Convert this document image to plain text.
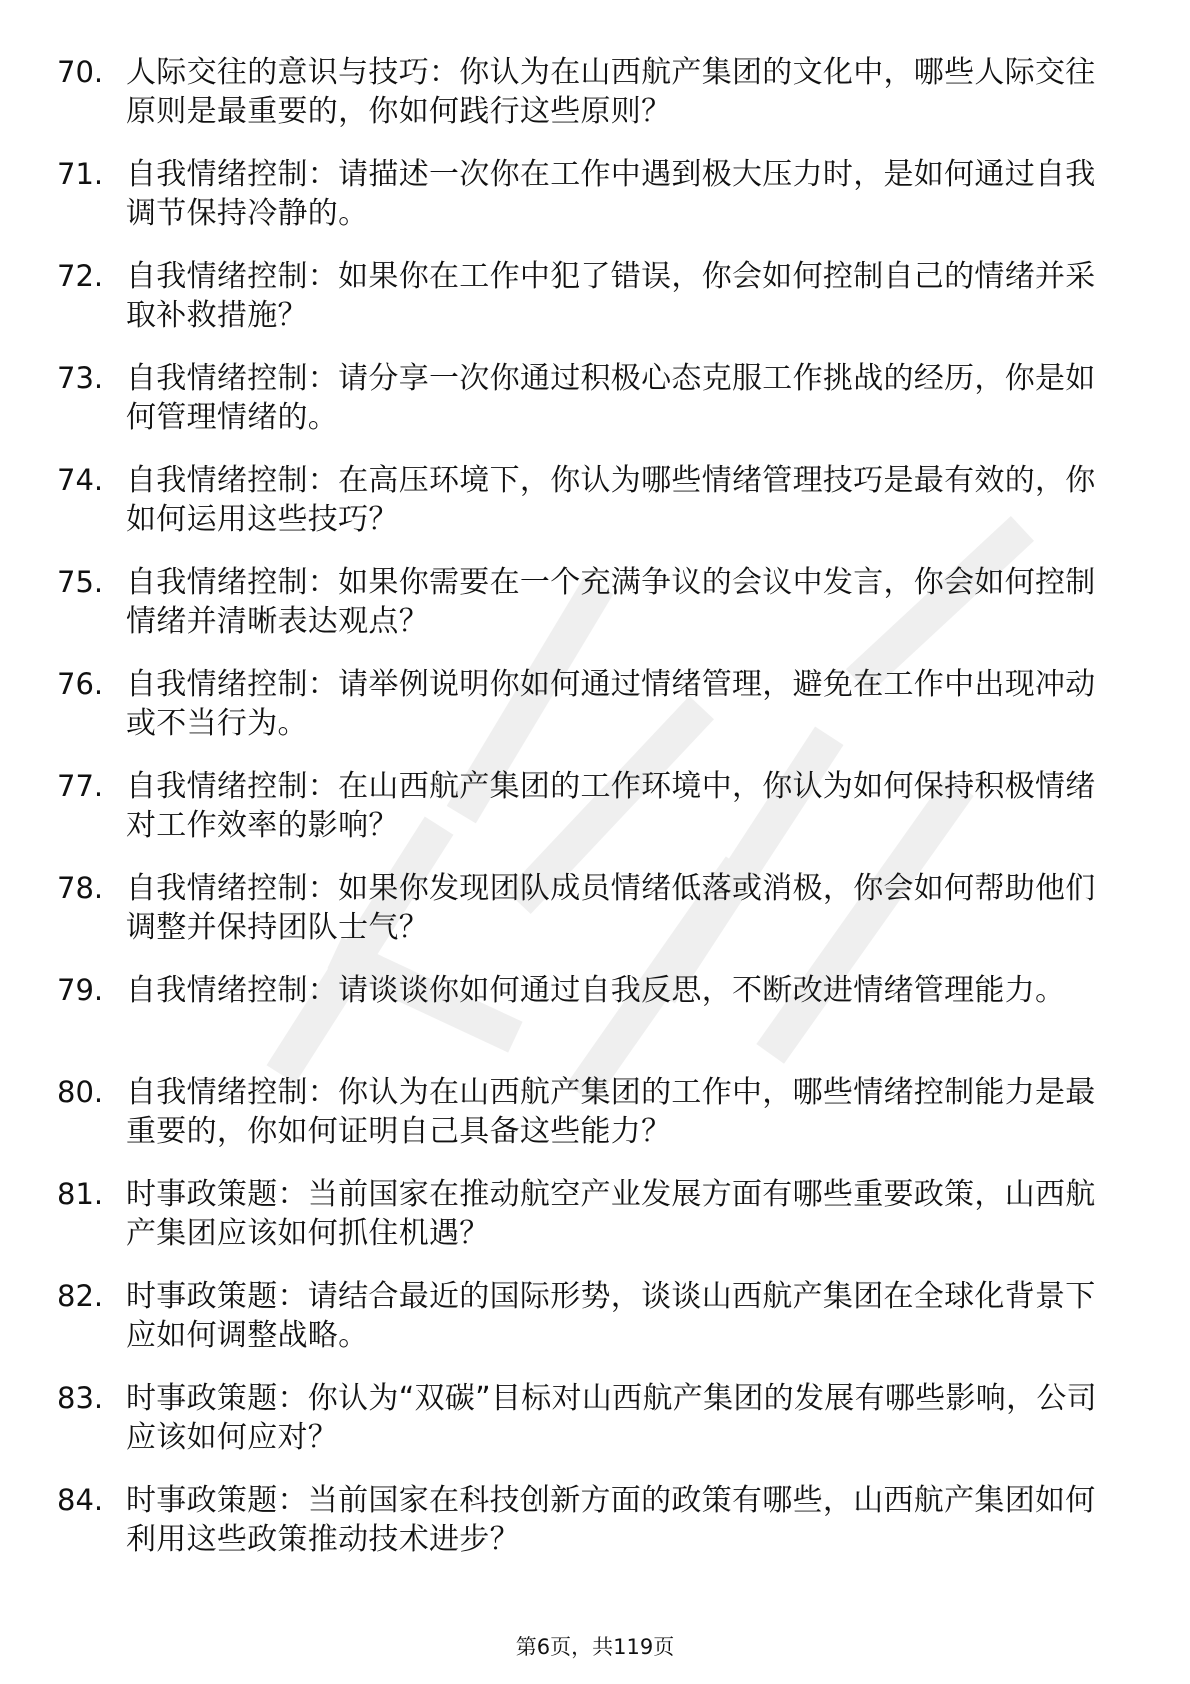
70. 人际交往的意识与技巧：你认为在山西航产集团的文化中，哪些人际交往原则是最重要的，你如何践行这些原则？
71. 自我情绪控制：请描述一次你在工作中遇到极大压力时，是如何通过自我调节保持冷静的。
72. 自我情绪控制：如果你在工作中犯了错误，你会如何控制自己的情绪并采取补救措施？
73. 自我情绪控制：请分享一次你通过积极心态克服工作挑战的经历，你是如何管理情绪的。
74. 自我情绪控制：在高压环境下，你认为哪些情绪管理技巧是最有效的，你如何运用这些技巧？
75. 自我情绪控制：如果你需要在一个充满争议的会议中发言，你会如何控制情绪并清晰表达观点？
76. 自我情绪控制：请举例说明你如何通过情绪管理，避免在工作中出现冲动或不当行为。
77. 自我情绪控制：在山西航产集团的工作环境中，你认为如何保持积极情绪对工作效率的影响？
78. 自我情绪控制：如果你发现团队成员情绪低落或消极，你会如何帮助他们调整并保持团队士气？
79. 自我情绪控制：请谈谈你如何通过自我反思，不断改进情绪管理能力。
80. 自我情绪控制：你认为在山西航产集团的工作中，哪些情绪控制能力是最重要的，你如何证明自己具备这些能力？
81. 时事政策题：当前国家在推动航空产业发展方面有哪些重要政策，山西航产集团应该如何抓住机遇？
82. 时事政策题：请结合最近的国际形势，谈谈山西航产集团在全球化背景下应如何调整战略。
83. 时事政策题：你认为“双碳”目标对山西航产集团的发展有哪些影响，公司应该如何应对？
84. 时事政策题：当前国家在科技创新方面的政策有哪些，山西航产集团如何利用这些政策推动技术进步？
第6页，共119页
